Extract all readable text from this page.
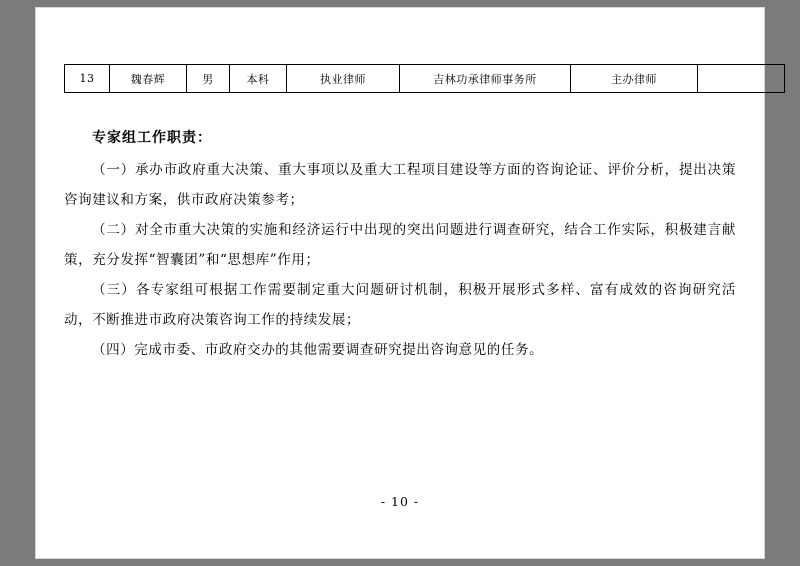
13	魏春辉	男	本科	执业律师	吉林功承律师事务所	主办律师	
专家组工作职责：
（一）承办市政府重大决策、重大事项以及重大工程项目建设等方面的咨询论证、评价分析，提出决策咨询建议和方案，供市政府决策参考；
（二）对全市重大决策的实施和经济运行中出现的突出问题进行调查研究，结合工作实际，积极建言献策，充分发挥“智囊团”和“思想库”作用；
（三）各专家组可根据工作需要制定重大问题研讨机制，积极开展形式多样、富有成效的咨询研究活动，不断推进市政府决策咨询工作的持续发展；
（四）完成市委、市政府交办的其他需要调查研究提出咨询意见的任务。
- 10 -
